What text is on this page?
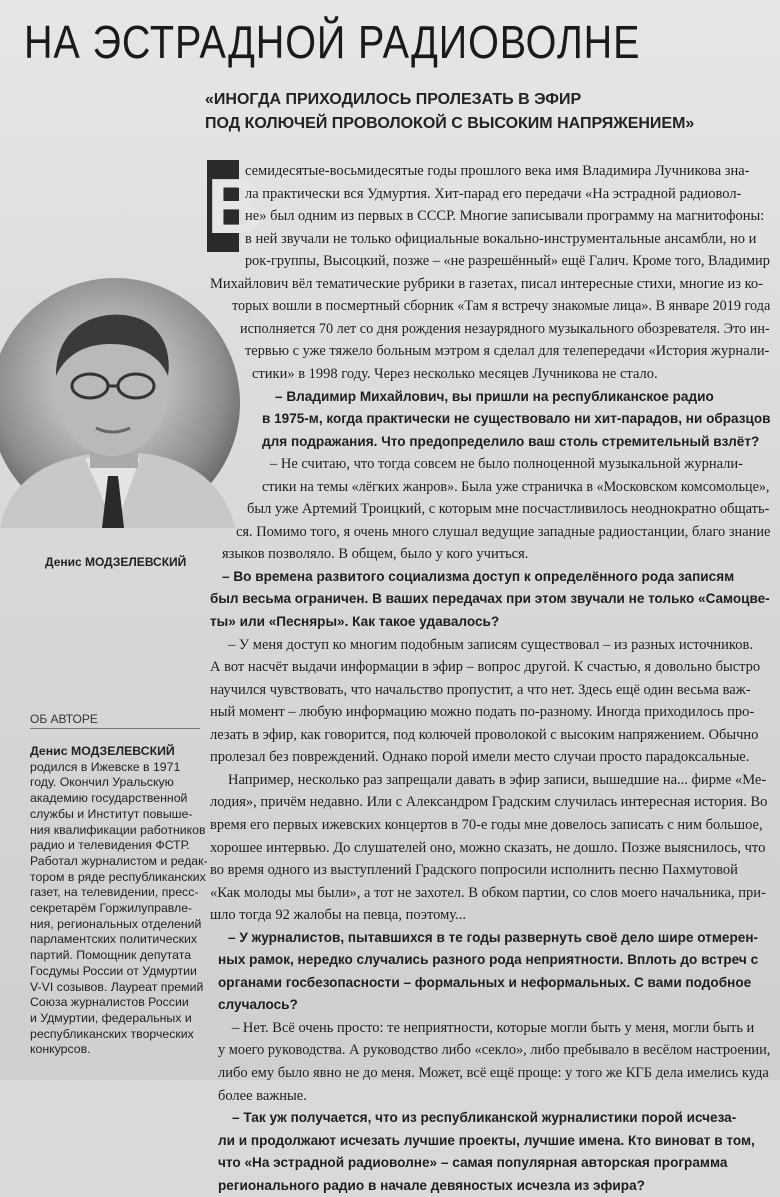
НА ЭСТРАДНОЙ РАДИОВОЛНЕ
«ИНОГДА ПРИХОДИЛОСЬ ПРОЛЕЗАТЬ В ЭФИР
ПОД КОЛЮЧЕЙ ПРОВОЛОКОЙ С ВЫСОКИМ НАПРЯЖЕНИЕМ»
Денис МОДЗЕЛЕВСКИЙ
ОБ АВТОРЕ
Денис МОДЗЕЛЕВСКИЙ
родился в Ижевске в 1971
году. Окончил Уральскую
академию государственной
службы и Институт повыше-
ния квалификации работников
радио и телевидения ФСТР.
Работал журналистом и редак-
тором в ряде республиканских
газет, на телевидении, пресс-
секретарём Горжилуправле-
ния, региональных отделений
парламентских политических
партий. Помощник депутата
Госдумы России от Удмуртии
V-VI созывов. Лауреат премий
Союза журналистов России
и Удмуртии, федеральных и
республиканских творческих
конкурсов.
В
семидесятые-восьмидесятые годы прошлого века имя Владимира Лучникова зна-
ла практически вся Удмуртия. Хит-парад его передачи «На эстрадной радиовол-
не» был одним из первых в СССР. Многие записывали программу на магнитофоны:
в ней звучали не только официальные вокально-инструментальные ансамбли, но и
рок-группы, Высоцкий, позже – «не разрешённый» ещё Галич. Кроме того, Владимир
Михайлович вёл тематические рубрики в газетах, писал интересные стихи, многие из ко-
торых вошли в посмертный сборник «Там я встречу знакомые лица». В январе 2019 года
исполняется 70 лет со дня рождения незаурядного музыкального обозревателя. Это ин-
тервью с уже тяжело больным мэтром я сделал для телепередачи «История журнали-
стики» в 1998 году. Через несколько месяцев Лучникова не стало.
– Владимир Михайлович, вы пришли на республиканское радио
в 1975-м, когда практически не существовало ни хит-парадов, ни образцов
для подражания. Что предопределило ваш столь стремительный взлёт?
– Не считаю, что тогда совсем не было полноценной музыкальной журнали-
стики на темы «лёгких жанров». Была уже страничка в «Московском комсомольце»,
был уже Артемий Троицкий, с которым мне посчастливилось неоднократно общать-
ся. Помимо того, я очень много слушал ведущие западные радиостанции, благо знание
языков позволяло. В общем, было у кого учиться.
– Во времена развитого социализма доступ к определённого рода записям
был весьма ограничен. В ваших передачах при этом звучали не только «Самоцве-
ты» или «Песняры». Как такое удавалось?
– У меня доступ ко многим подобным записям существовал – из разных источников.
А вот насчёт выдачи информации в эфир – вопрос другой. К счастью, я довольно быстро
научился чувствовать, что начальство пропустит, а что нет. Здесь ещё один весьма важ-
ный момент – любую информацию можно подать по-разному. Иногда приходилось про-
лезать в эфир, как говорится, под колючей проволокой с высоким напряжением. Обычно
пролезал без повреждений. Однако порой имели место случаи просто парадоксальные.
Например, несколько раз запрещали давать в эфир записи, вышедшие на... фирме «Ме-
лодия», причём недавно. Или с Александром Градским случилась интересная история. Во
время его первых ижевских концертов в 70-е годы мне довелось записать с ним большое,
хорошее интервью. До слушателей оно, можно сказать, не дошло. Позже выяснилось, что
во время одного из выступлений Градского попросили исполнить песню Пахмутовой
«Как молоды мы были», а тот не захотел. В обком партии, со слов моего начальника, при-
шло тогда 92 жалобы на певца, поэтому...
– У журналистов, пытавшихся в те годы развернуть своё дело шире отмерен-
ных рамок, нередко случались разного рода неприятности. Вплоть до встреч с
органами госбезопасности – формальных и неформальных. С вами подобное
случалось?
– Нет. Всё очень просто: те неприятности, которые могли быть у меня, могли быть и
у моего руководства. А руководство либо «секло», либо пребывало в весёлом настроении,
либо ему было явно не до меня. Может, всё ещё проще: у того же КГБ дела имелись куда
более важные.
– Так уж получается, что из республиканской журналистики порой исчеза-
ли и продолжают исчезать лучшие проекты, лучшие имена. Кто виноват в том,
что «На эстрадной радиоволне» – самая популярная авторская программа
регионального радио в начале девяностых исчезла из эфира?
